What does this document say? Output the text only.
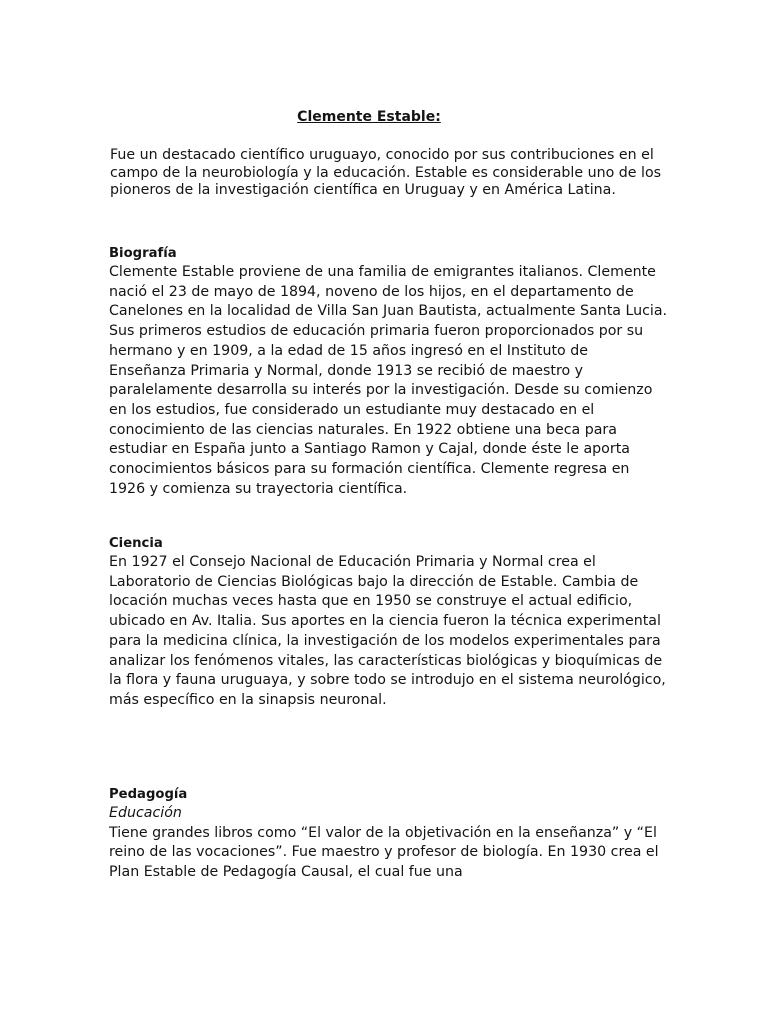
Clemente Estable:
Fue un destacado científico uruguayo, conocido por sus contribuciones en el campo de la neurobiología y la educación. Estable es considerable uno de los pioneros de la investigación científica en Uruguay y en América Latina.
Biografía

Clemente Estable proviene de una familia de emigrantes italianos. Clemente nació el 23 de mayo de 1894, noveno de los hijos, en el departamento de Canelones en la localidad de Villa San Juan Bautista, actualmente Santa Lucia. Sus primeros estudios de educación primaria fueron proporcionados por su hermano y en 1909, a la edad de 15 años ingresó en el Instituto de Enseñanza Primaria y Normal, donde 1913 se recibió de maestro y paralelamente desarrolla su interés por la investigación. Desde su comienzo en los estudios, fue considerado un estudiante muy destacado en el conocimiento de las ciencias naturales. En 1922 obtiene una beca para estudiar en España junto a Santiago Ramon y Cajal, donde éste le aporta conocimientos básicos para su formación científica. Clemente regresa en 1926 y comienza su trayectoria científica.

Ciencia

En 1927 el Consejo Nacional de Educación Primaria y Normal crea el Laboratorio de Ciencias Biológicas bajo la dirección de Estable. Cambia de locación muchas veces hasta que en 1950 se construye el actual edificio, ubicado en Av. Italia. Sus aportes en la ciencia fueron la técnica experimental para la medicina clínica, la investigación de los modelos experimentales para analizar los fenómenos vitales, las características biológicas y bioquímicas de la flora y fauna uruguaya, y sobre todo se introdujo en el sistema neurológico, más específico en la sinapsis neuronal.

Pedagogía
Educación

Tiene grandes libros como “El valor de la objetivación en la enseñanza” y “El reino de las vocaciones”. Fue maestro y profesor de biología. En 1930 crea el Plan Estable de Pedagogía Causal, el cual fue una
